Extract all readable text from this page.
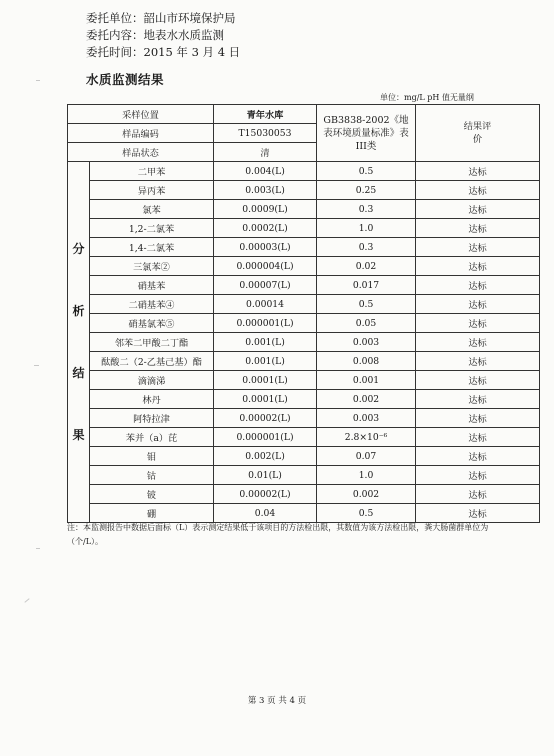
委托单位：韶山市环境保护局
委托内容：地表水水质监测
委托时间：2015 年 3 月 4 日
水质监测结果
单位：mg/L pH 值无量纲
采样位置		青年水库	GB3838-2002《地表环境质量标准》表III类	结果评价
样品编码		T15030053		
样品状态		清		

分
析
结
果	二甲苯	0.004(L)	0.5	达标
	异丙苯	0.003(L)	0.25	达标
	氯苯	0.0009(L)	0.3	达标
	1,2-二氯苯	0.0002(L)	1.0	达标
	1,4-二氯苯	0.00003(L)	0.3	达标
	三氯苯②	0.000004(L)	0.02	达标
	硝基苯	0.00007(L)	0.017	达标
	二硝基苯④	0.00014	0.5	达标
	硝基氯苯⑤	0.000001(L)	0.05	达标
	邻苯二甲酸二丁酯	0.001(L)	0.003	达标
	酞酸二（2-乙基己基）酯	0.001(L)	0.008	达标
	滴滴涕	0.0001(L)	0.001	达标
	林丹	0.0001(L)	0.002	达标
	阿特拉津	0.00002(L)	0.003	达标
	苯并（a）芘	0.000001(L)	2.8×10⁻⁶	达标
	钼	0.002(L)	0.07	达标
	钴	0.01(L)	1.0	达标
	铍	0.00002(L)	0.002	达标
	硼	0.04	0.5	达标
注：本监测报告中数据后面标（L）表示测定结果低于该项目的方法检出限，其数值为该方法检出限，粪大肠菌群单位为（个/L）。
第 3 页 共 4 页
